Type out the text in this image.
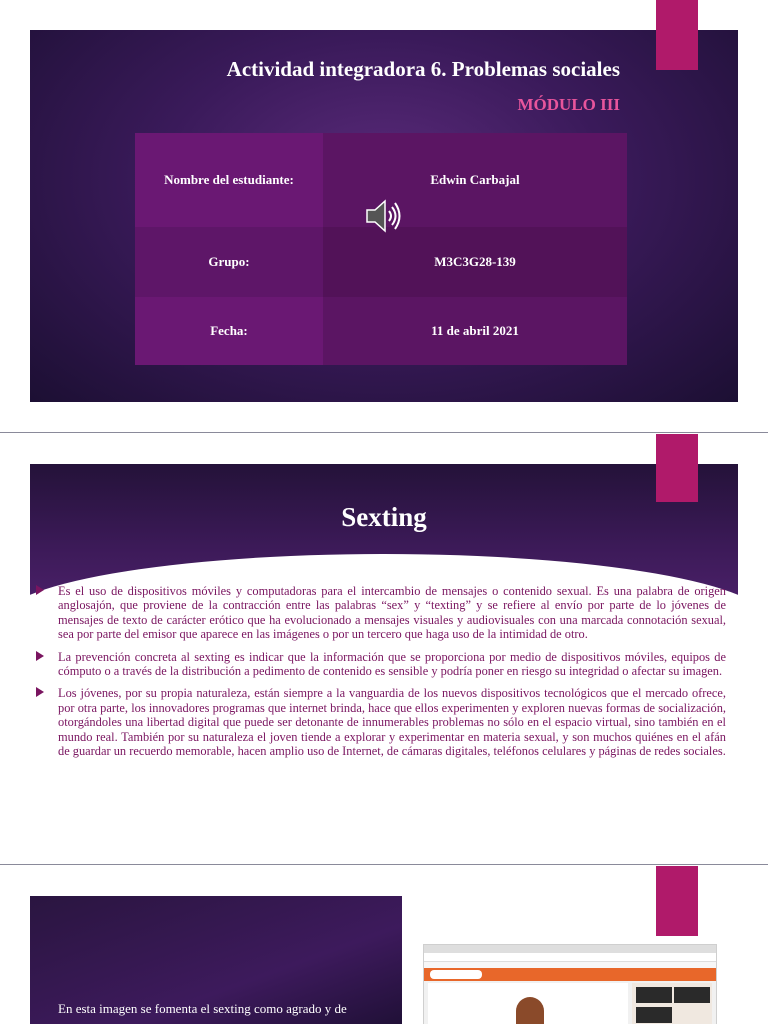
Actividad integradora 6. Problemas sociales
MÓDULO III
Nombre del estudiante:	Edwin Carbajal
Grupo:	M3C3G28-139
Fecha:	11 de abril 2021
Sexting
Es el uso de dispositivos móviles y computadoras para el intercambio de mensajes o contenido sexual. Es una palabra de origen anglosajón, que proviene de la contracción entre las palabras “sex” y “texting” y se refiere al envío por parte de lo jóvenes de mensajes de texto de carácter erótico que ha evolucionado a mensajes visuales y audiovisuales con una marcada connotación sexual, sea por parte del emisor que aparece en las imágenes o por un tercero que haga uso de la intimidad de otro.
La prevención concreta al sexting es indicar que la información que se proporciona por medio de dispositivos móviles, equipos de cómputo o a través de la distribución a pedimento de contenido es sensible y podría poner en riesgo su integridad o afectar su imagen.
Los jóvenes, por su propia naturaleza, están siempre a la vanguardia de los nuevos dispositivos tecnológicos que el mercado ofrece, por otra parte, los innovadores programas que internet brinda, hace que ellos experimenten y exploren nuevas formas de socialización, otorgándoles una libertad digital que puede ser detonante de innumerables problemas no sólo en el espacio virtual, sino también en el mundo real. También por su naturaleza el joven tiende a explorar y experimentar en materia sexual, y son muchos quiénes en el afán de guardar un recuerdo memorable, hacen amplio uso de Internet, de cámaras digitales, teléfonos celulares y páginas de redes sociales.
En esta imagen se fomenta el sexting como agrado y de
